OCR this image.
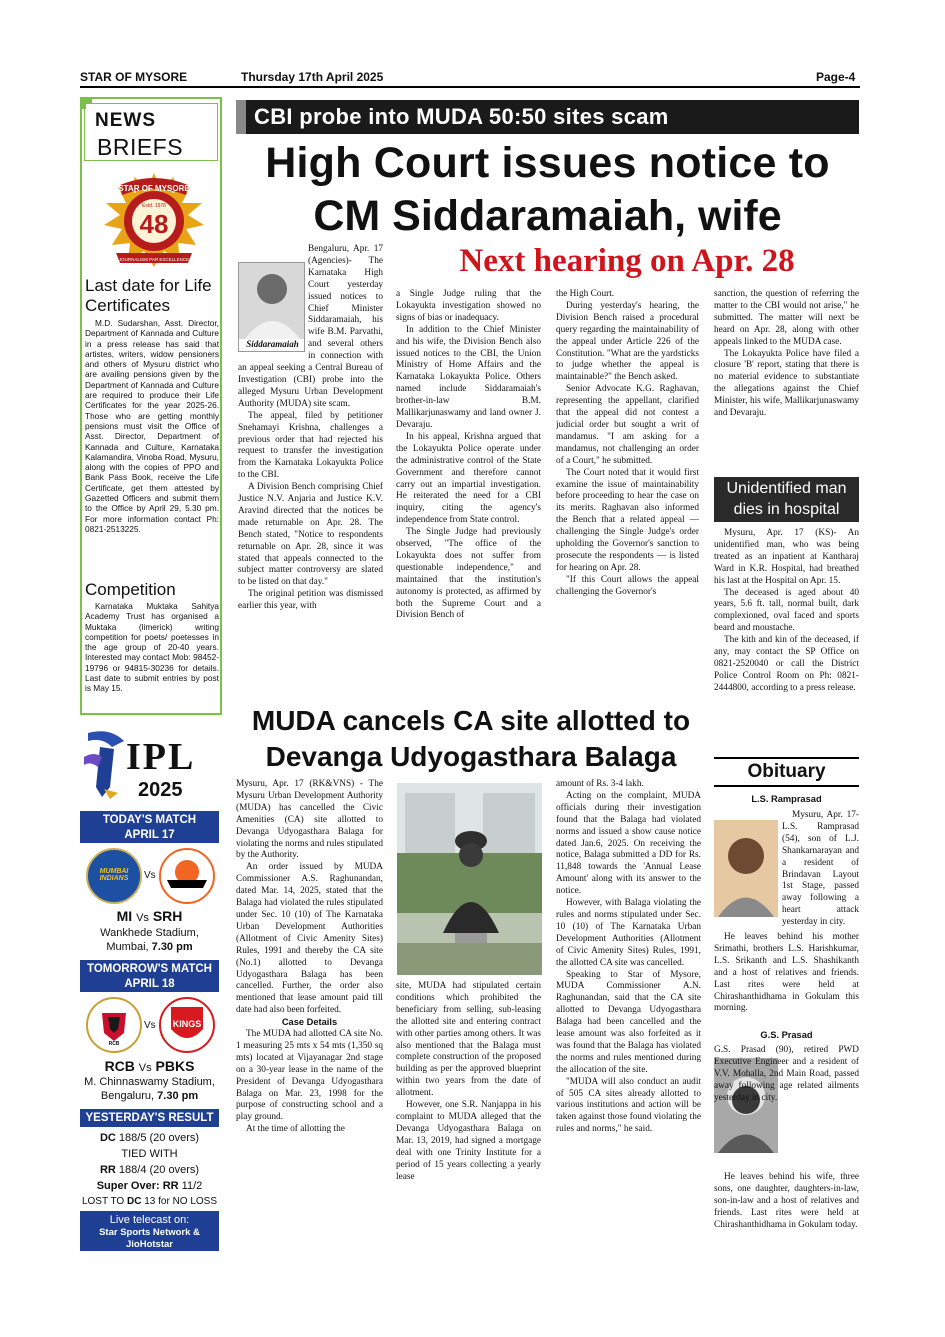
STAR OF MYSORE	Thursday 17th April 2025	Page-4
NEWS
BRIEFS
STAR OF MYSORE
Estd. 1978
48
JOURNALISM PAR EXCELLENCE
Last date for Life Certificates

M.D. Sudarshan, Asst. Director, Department of Kannada and Culture in a press release has said that artistes, writers, widow pensioners and others of Mysuru district who are availing pensions given by the Department of Kannada and Culture are required to produce their Life Certificates for the year 2025-26. Those who are getting monthly pensions must visit the Office of Asst. Director, Department of Kannada and Culture, Karnataka Kalamandira, Vinoba Road, Mysuru, along with the copies of PPO and Bank Pass Book, receive the Life Certificate, get them attested by Gazetted Officers and submit them to the Office by April 29, 5.30 pm. For more information contact Ph: 0821-2513225.

Competition

Karnataka Muktaka Sahitya Academy Trust has organised a Muktaka (limerick) writing competition for poets/ poetesses in the age group of 20-40 years. Interested may contact Mob: 98452-19796 or 94815-30236 for details. Last date to submit entries by post is May 15.

IPL
2025
TODAY'S MATCH
APRIL 17
MUMBAI INDIANS	Vs
MI Vs SRH
Wankhede Stadium,
Mumbai, 7.30 pm
TOMORROW'S MATCH
APRIL 18
RCB
Vs	KINGS
RCB Vs PBKS
M. Chinnaswamy Stadium,
Bengaluru, 7.30 pm
YESTERDAY'S RESULT
DC 188/5 (20 overs)
TIED WITH
RR 188/4 (20 overs)
Super Over: RR 11/2
LOST TO DC 13 for NO LOSS
Live telecast on:
Star Sports Network & JioHotstar
CBI probe into MUDA 50:50 sites scam
High Court issues notice to
CM Siddaramaiah, wife
Next hearing on Apr. 28
Siddaramaiah

Bengaluru, Apr. 17 (Agencies)- The Karnataka High Court yesterday issued notices to Chief Minister Siddaramaiah, his wife B.M. Parvathi, and several others in connection with an appeal seeking a Central Bureau of Investigation (CBI) probe into the alleged Mysuru Urban Development Authority (MUDA) site scam.

The appeal, filed by petitioner Snehamayi Krishna, challenges a previous order that had rejected his request to transfer the investigation from the Karnataka Lokayukta Police to the CBI.

A Division Bench comprising Chief Justice N.V. Anjaria and Justice K.V. Aravind directed that the notices be made returnable on Apr. 28. The Bench stated, "Notice to respondents returnable on Apr. 28, since it was stated that appeals connected to the subject matter controversy are slated to be listed on that day."

The original petition was dismissed earlier this year, with

a Single Judge ruling that the Lokayukta investigation showed no signs of bias or inadequacy.

In addition to the Chief Minister and his wife, the Division Bench also issued notices to the CBI, the Union Ministry of Home Affairs and the Karnataka Lokayukta Police. Others named include Siddaramaiah's brother-in-law B.M. Mallikarjunaswamy and land owner J. Devaraju.

In his appeal, Krishna argued that the Lokayukta Police operate under the administrative control of the State Government and therefore cannot carry out an impartial investigation. He reiterated the need for a CBI inquiry, citing the agency's independence from State control.

The Single Judge had previously observed, "The office of the Lokayukta does not suffer from questionable independence," and maintained that the institution's autonomy is protected, as affirmed by both the Supreme Court and a Division Bench of

the High Court.

During yesterday's hearing, the Division Bench raised a procedural query regarding the maintainability of the appeal under Article 226 of the Constitution. "What are the yardsticks to judge whether the appeal is maintainable?" the Bench asked.

Senior Advocate K.G. Raghavan, representing the appellant, clarified that the appeal did not contest a judicial order but sought a writ of mandamus. "I am asking for a mandamus, not challenging an order of a Court," he submitted.

The Court noted that it would first examine the issue of maintainability before proceeding to hear the case on its merits. Raghavan also informed the Bench that a related appeal — challenging the Single Judge's order upholding the Governor's sanction to prosecute the respondents — is listed for hearing on Apr. 28.

"If this Court allows the appeal challenging the Governor's

sanction, the question of referring the matter to the CBI would not arise," he submitted. The matter will next be heard on Apr. 28, along with other appeals linked to the MUDA case.

The Lokayukta Police have filed a closure 'B' report, stating that there is no material evidence to substantiate the allegations against the Chief Minister, his wife, Mallikarjunaswamy and Devaraju.

Unidentified man
dies in hospital

Mysuru, Apr. 17 (KS)- An unidentified man, who was being treated as an inpatient at Kantharaj Ward in K.R. Hospital, had breathed his last at the Hospital on Apr. 15.

The deceased is aged about 40 years, 5.6 ft. tall, normal built, dark complexioned, oval faced and sports beard and moustache.

The kith and kin of the deceased, if any, may contact the SP Office on 0821-2520040 or call the District Police Control Room on Ph: 0821-2444800, according to a press release.

Obituary

L.S. Ramprasad

Mysuru, Apr. 17- L.S. Ramprasad (54), son of L.J. Shankarnarayan and a resident of Brindavan Layout 1st Stage, passed away following a heart attack yesterday in city.

He leaves behind his mother Srimathi, brothers L.S. Harishkumar, L.S. Srikanth and L.S. Shashikanth and a host of relatives and friends. Last rites were held at Chirashanthidhama in Gokulam this morning.

G.S. Prasad

G.S. Prasad (90), retired PWD Executive Engineer and a resident of V.V. Mohalla, 2nd Main Road, passed away following age related ailments yesterday in city.

He leaves behind his wife, three sons, one daughter, daughters-in-law, son-in-law and a host of relatives and friends. Last rites were held at Chirashanthidhama in Gokulam today.

MUDA cancels CA site allotted to
Devanga Udyogasthara Balaga

Mysuru, Apr. 17 (RK&VNS) - The Mysuru Urban Development Authority (MUDA) has cancelled the Civic Amenities (CA) site allotted to Devanga Udyogasthara Balaga for violating the norms and rules stipulated by the Authority.

An order issued by MUDA Commissioner A.S. Raghunandan, dated Mar. 14, 2025, stated that the Balaga had violated the rules stipulated under Sec. 10 (10) of The Karnataka Urban Development Authorities (Allotment of Civic Amenity Sites) Rules, 1991 and thereby the CA site (No.1) allotted to Devanga Udyogasthara Balaga has been cancelled. Further, the order also mentioned that lease amount paid till date had also been forfeited.

Case Details

The MUDA had allotted CA site No. 1 measuring 25 mts x 54 mts (1,350 sq mts) located at Vijayanagar 2nd stage on a 30-year lease in the name of the President of Devanga Udyogasthara Balaga on Mar. 23, 1998 for the purpose of constructing school and a play ground.

At the time of allotting the

site, MUDA had stipulated certain conditions which prohibited the beneficiary from selling, sub-leasing the allotted site and entering contract with other parties among others. It was also mentioned that the Balaga must complete construction of the proposed building as per the approved blueprint within two years from the date of allotment.

However, one S.R. Nanjappa in his complaint to MUDA alleged that the Devanga Udyogasthara Balaga on Mar. 13, 2019, had signed a mortgage deal with one Trinity Institute for a period of 15 years collecting a yearly lease

amount of Rs. 3-4 lakh.

Acting on the complaint, MUDA officials during their investigation found that the Balaga had violated norms and issued a show cause notice dated Jan.6, 2025. On receiving the notice, Balaga submitted a DD for Rs. 11,848 towards the 'Annual Lease Amount' along with its answer to the notice.

However, with Balaga violating the rules and norms stipulated under Sec. 10 (10) of The Karnataka Urban Development Authorities (Allotment of Civic Amenity Sites) Rules, 1991, the allotted CA site was cancelled.

Speaking to Star of Mysore, MUDA Commissioner A.N. Raghunandan, said that the CA site allotted to Devanga Udyogasthara Balaga had been cancelled and the lease amount was also forfeited as it was found that the Balaga has violated the norms and rules mentioned during the allocation of the site.

"MUDA will also conduct an audit of 505 CA sites already allotted to various institutions and action will be taken against those found violating the rules and norms," he said.
